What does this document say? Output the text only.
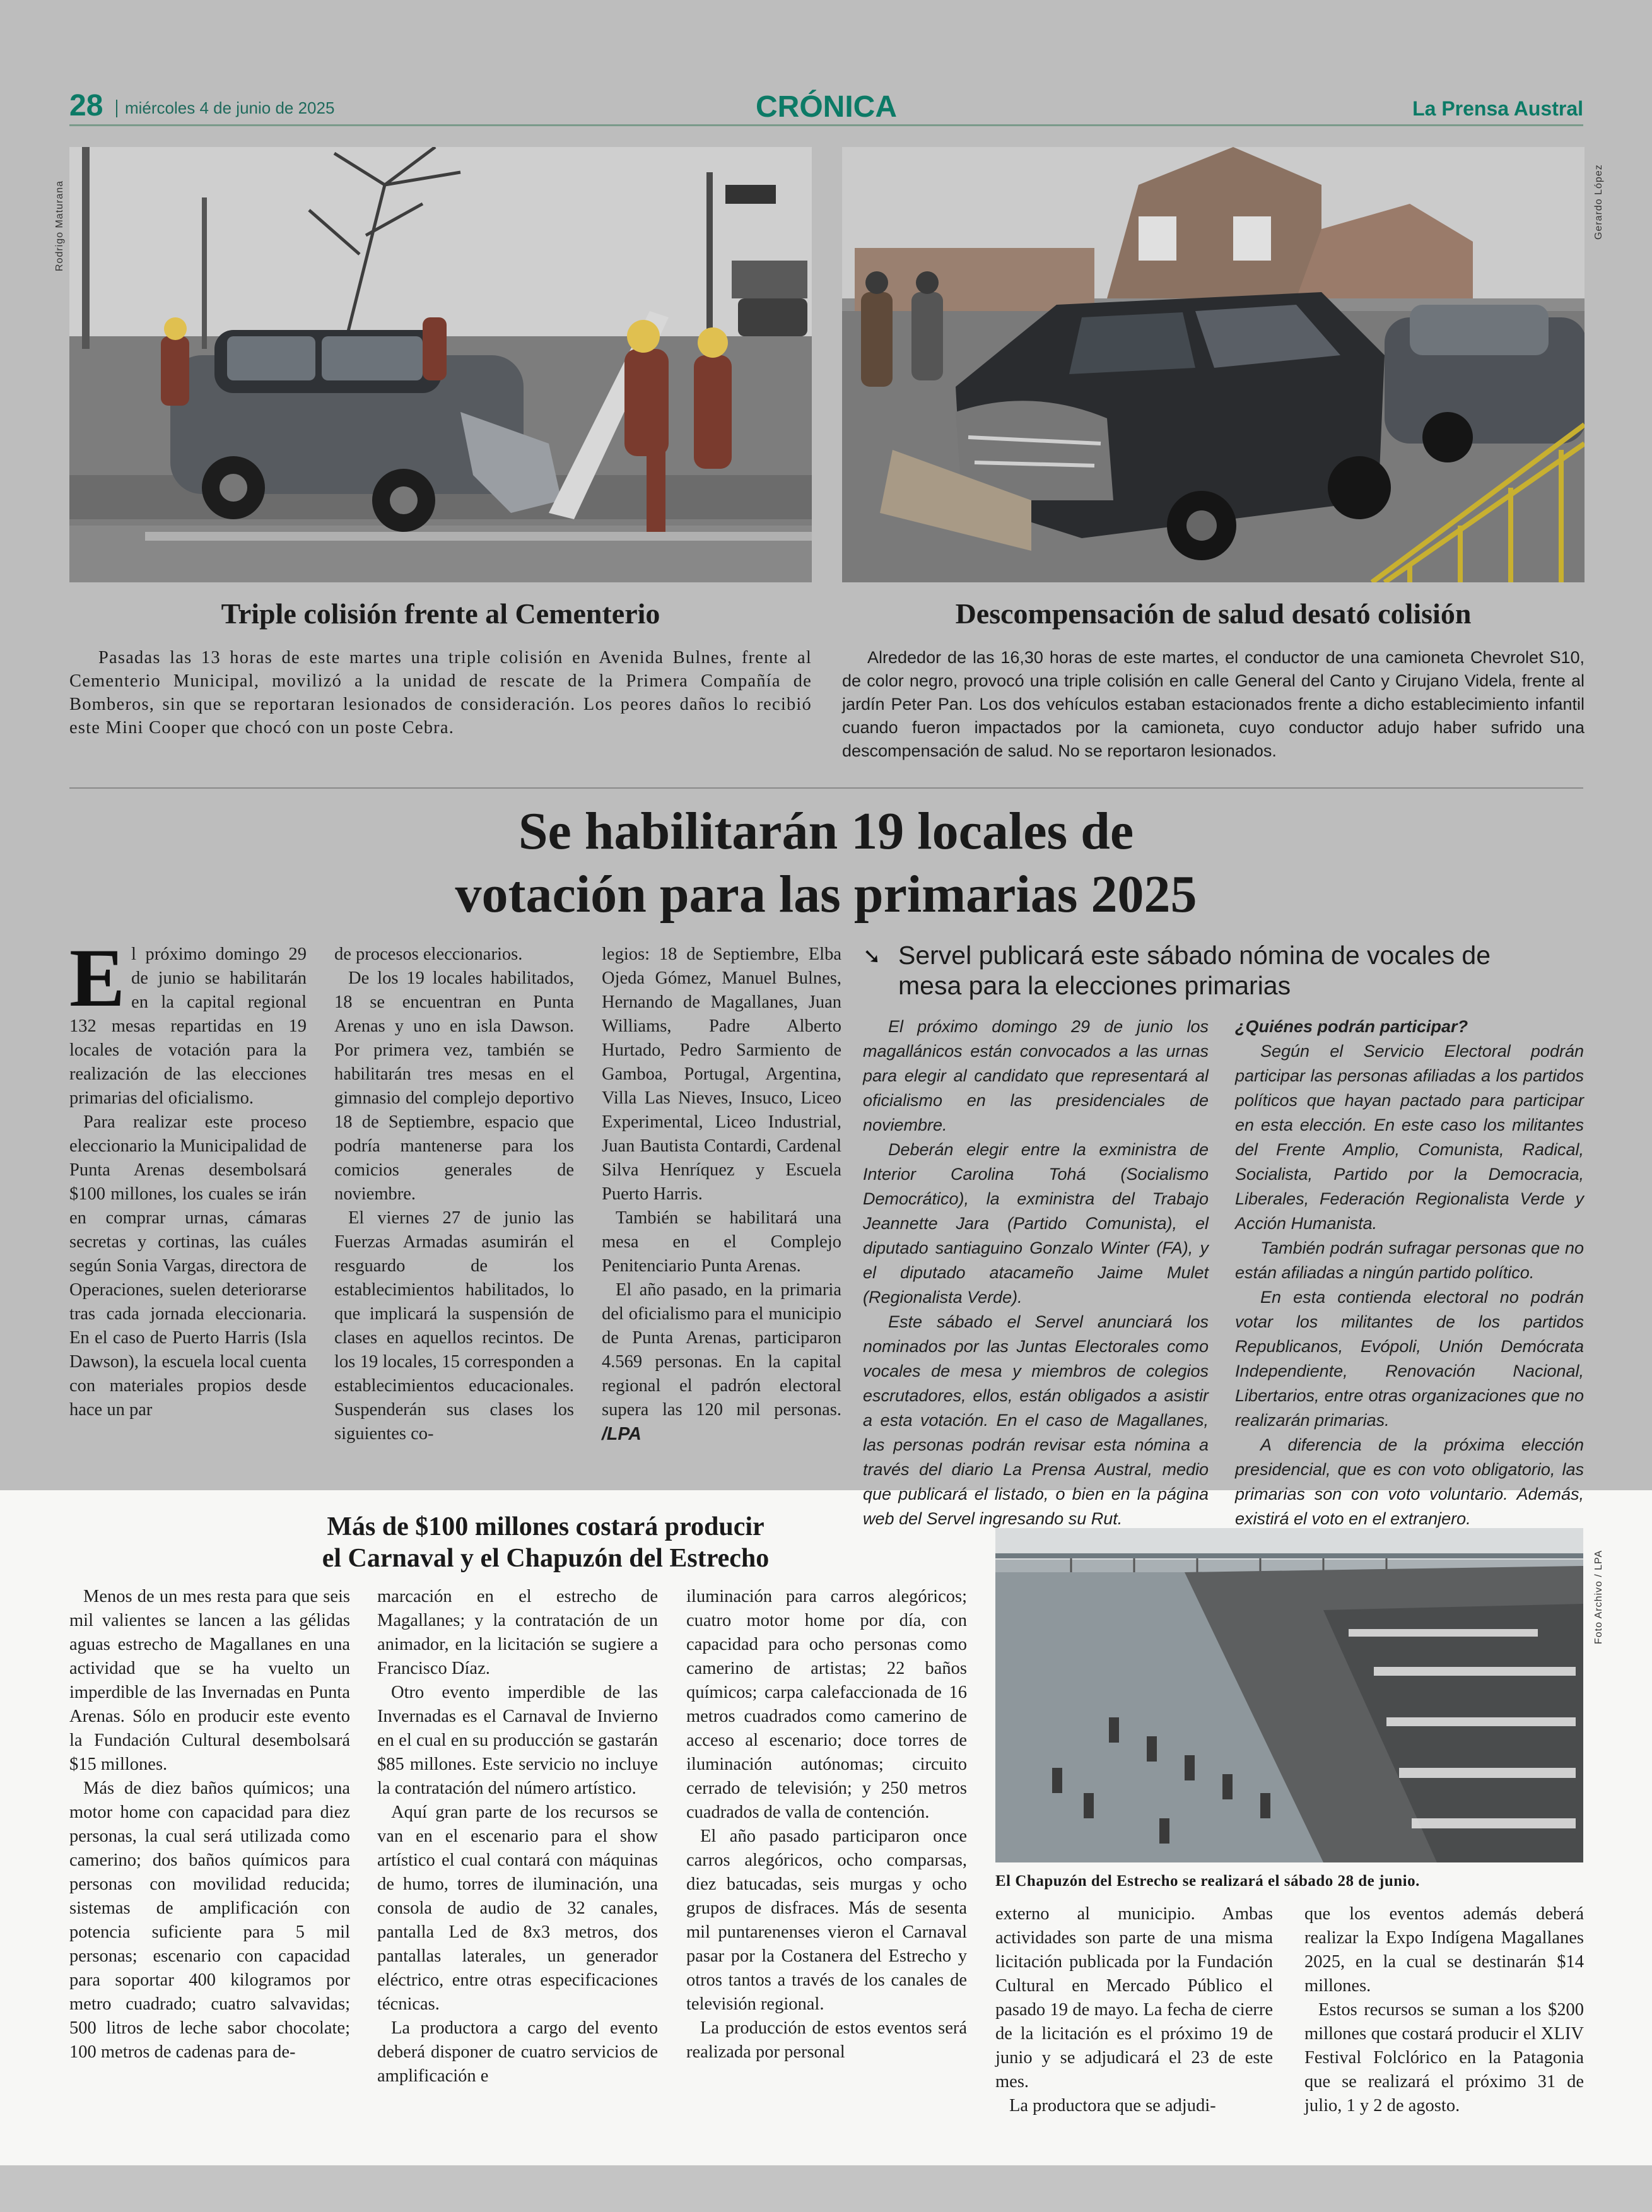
28 miércoles 4 de junio de 2025	CRÓNICA	La Prensa Austral
Rodrigo Maturana	Gerardo López
Triple colisión frente al Cementerio
Pasadas las 13 horas de este martes una triple colisión en Avenida Bulnes, frente al Cementerio Municipal, movilizó a la unidad de rescate de la Primera Compañía de Bomberos, sin que se reportaran lesionados de consideración. Los peores daños lo recibió este Mini Cooper que chocó con un poste Cebra.
Descompensación de salud desató colisión
Alrededor de las 16,30 horas de este martes, el conductor de una camioneta Chevrolet S10, de color negro, provocó una triple colisión en calle General del Canto y Cirujano Videla, frente al jardín Peter Pan. Los dos vehículos estaban estacionados frente a dicho establecimiento infantil cuando fueron impactados por la camioneta, cuyo conductor adujo haber sufrido una descompensación de salud. No se reportaron lesionados.
Se habilitarán 19 locales de
votación para las primarias 2025

El próximo domingo 29 de junio se habilitarán en la capital regional 132 mesas repartidas en 19 locales de votación para la realización de las elecciones primarias del oficialismo.

Para realizar este proceso eleccionario la Municipalidad de Punta Arenas desembolsará $100 millones, los cuales se irán en comprar urnas, cámaras secretas y cortinas, las cuáles según Sonia Vargas, directora de Operaciones, suelen deteriorarse tras cada jornada eleccionaria. En el caso de Puerto Harris (Isla Dawson), la escuela local cuenta con materiales propios desde hace un par

de procesos eleccionarios.

De los 19 locales habilitados, 18 se encuentran en Punta Arenas y uno en isla Dawson. Por primera vez, también se habilitarán tres mesas en el gimnasio del complejo deportivo 18 de Septiembre, espacio que podría mantenerse para los comicios generales de noviembre.

El viernes 27 de junio las Fuerzas Armadas asumirán el resguardo de los establecimientos habilitados, lo que implicará la suspensión de clases en aquellos recintos. De los 19 locales, 15 corresponden a establecimientos educacionales. Suspenderán sus clases los siguientes co-

legios: 18 de Septiembre, Elba Ojeda Gómez, Manuel Bulnes, Hernando de Magallanes, Juan Williams, Padre Alberto Hurtado, Pedro Sarmiento de Gamboa, Portugal, Argentina, Villa Las Nieves, Insuco, Liceo Experimental, Liceo Industrial, Juan Bautista Contardi, Cardenal Silva Henríquez y Escuela Puerto Harris.

También se habilitará una mesa en el Complejo Penitenciario Punta Arenas.

El año pasado, en la primaria del oficialismo para el municipio de Punta Arenas, participaron 4.569 personas. En la capital regional el padrón electoral supera las 120 mil personas. /LPA

➘ Servel publicará este sábado nómina de vocales de mesa para la elecciones primarias

El próximo domingo 29 de junio los magallánicos están convocados a las urnas para elegir al candidato que representará al oficialismo en las presidenciales de noviembre.

Deberán elegir entre la exministra de Interior Carolina Tohá (Socialismo Democrático), la exministra del Trabajo Jeannette Jara (Partido Comunista), el diputado santiaguino Gonzalo Winter (FA), y el diputado atacameño Jaime Mulet (Regionalista Verde).

Este sábado el Servel anunciará los nominados por las Juntas Electorales como vocales de mesa y miembros de colegios escrutadores, ellos, están obligados a asistir a esta votación. En el caso de Magallanes, las personas podrán revisar esta nómina a través del diario La Prensa Austral, medio que publicará el listado, o bien en la página web del Servel ingresando su Rut.

¿Quiénes podrán participar?

Según el Servicio Electoral podrán participar las personas afiliadas a los partidos políticos que hayan pactado para participar en esta elección. En este caso los militantes del Frente Amplio, Comunista, Radical, Socialista, Partido por la Democracia, Liberales, Federación Regionalista Verde y Acción Humanista.

También podrán sufragar personas que no están afiliadas a ningún partido político.

En esta contienda electoral no podrán votar los militantes de los partidos Republicanos, Evópoli, Unión Demócrata Independiente, Renovación Nacional, Libertarios, entre otras organizaciones que no realizarán primarias.

A diferencia de la próxima elección presidencial, que es con voto obligatorio, las primarias son con voto voluntario. Además, existirá el voto en el extranjero.

Más de $100 millones costará producir
el Carnaval y el Chapuzón del Estrecho

Menos de un mes resta para que seis mil valientes se lancen a las gélidas aguas estrecho de Magallanes en una actividad que se ha vuelto un imperdible de las Invernadas en Punta Arenas. Sólo en producir este evento la Fundación Cultural desembolsará $15 millones.

Más de diez baños químicos; una motor home con capacidad para diez personas, la cual será utilizada como camerino; dos baños químicos para personas con movilidad reducida; sistemas de amplificación con potencia suficiente para 5 mil personas; escenario con capacidad para soportar 400 kilogramos por metro cuadrado; cuatro salvavidas; 500 litros de leche sabor chocolate; 100 metros de cadenas para de-

marcación en el estrecho de Magallanes; y la contratación de un animador, en la licitación se sugiere a Francisco Díaz.

Otro evento imperdible de las Invernadas es el Carnaval de Invierno en el cual en su producción se gastarán $85 millones. Este servicio no incluye la contratación del número artístico.

Aquí gran parte de los recursos se van en el escenario para el show artístico el cual contará con máquinas de humo, torres de iluminación, una consola de audio de 32 canales, pantalla Led de 8x3 metros, dos pantallas laterales, un generador eléctrico, entre otras especificaciones técnicas.

La productora a cargo del evento deberá disponer de cuatro servicios de amplificación e

iluminación para carros alegóricos; cuatro motor home por día, con capacidad para ocho personas como camerino de artistas; 22 baños químicos; carpa calefaccionada de 16 metros cuadrados como camerino de acceso al escenario; doce torres de iluminación autónomas; circuito cerrado de televisión; y 250 metros cuadrados de valla de contención.

El año pasado participaron once carros alegóricos, ocho comparsas, diez batucadas, seis murgas y ocho grupos de disfraces. Más de sesenta mil puntarenenses vieron el Carnaval pasar por la Costanera del Estrecho y otros tantos a través de los canales de televisión regional.

La producción de estos eventos será realizada por personal

Foto Archivo / LPA
El Chapuzón del Estrecho se realizará el sábado 28 de junio.

externo al municipio. Ambas actividades son parte de una misma licitación publicada por la Fundación Cultural en Mercado Público el pasado 19 de mayo. La fecha de cierre de la licitación es el próximo 19 de junio y se adjudicará el 23 de este mes.

La productora que se adjudi-

que los eventos además deberá realizar la Expo Indígena Magallanes 2025, en la cual se destinarán $14 millones.

Estos recursos se suman a los $200 millones que costará producir el XLIV Festival Folclórico en la Patagonia que se realizará el próximo 31 de julio, 1 y 2 de agosto.
